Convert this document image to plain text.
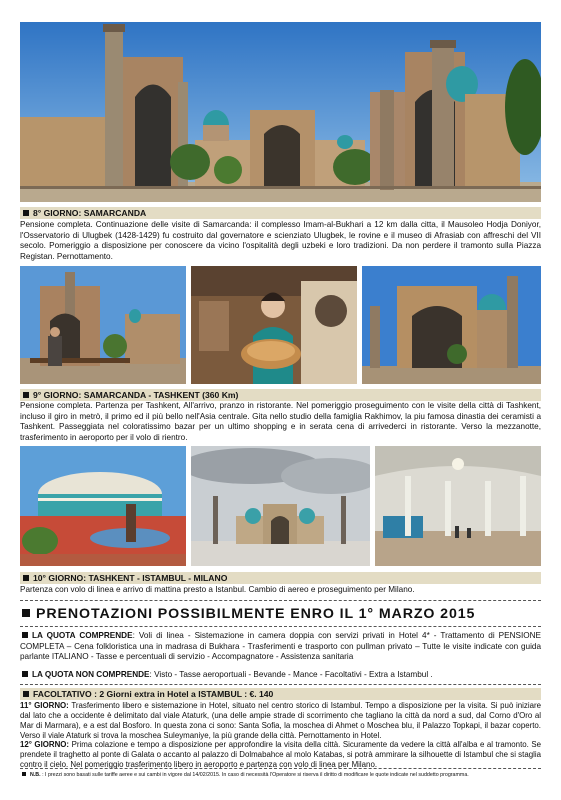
8° GIORNO: SAMARCANDA
Pensione completa. Continuazione delle visite di Samarcanda: il complesso Imam-al-Bukhari a 12 km dalla citta, il Mausoleo Hodja Doniyor, l'Osservatorio di Ulugbek (1428-1429) fu costruito dal governatore e scienziato Ulugbek, le rovine e il museo di Afrasiab con affreschi del VII secolo. Pomeriggio a disposizione per conoscere da vicino l'ospitalità degli uzbeki e loro tradizioni. Da non perdere il tramonto sulla Piazza Registan. Pernottamento.
9° GIORNO: SAMARCANDA - TASHKENT (360 Km)
Pensione completa. Partenza per Tashkent, All'arrivo, pranzo in ristorante. Nel pomeriggio proseguimento con le visite della città di Tashkent, incluso il giro in metrò, il primo ed il più bello nell'Asia centrale. Gita nello studio della famiglia Rakhimov, la piu famosa dinastia dei ceramisti a Tashkent. Passeggiata nel coloratissimo bazar per un ultimo shopping e in serata cena di arrivederci in ristorante. Verso la mezzanotte, trasferimento in aeroporto per il volo di rientro.
10° GIORNO: TASHKENT - ISTAMBUL - MILANO
Partenza con volo di linea e arrivo di mattina presto a Istanbul. Cambio di aereo e proseguimento per Milano.
PRENOTAZIONI POSSIBILMENTE ENRO IL 1° MARZO 2015
LA QUOTA COMPRENDE: Voli di linea - Sistemazione in camera doppia con servizi privati in Hotel 4* - Trattamento di PENSIONE COMPLETA – Cena folkloristica una in madrasa di Bukhara - Trasferimenti e trasporto con pullman privato – Tutte le visite indicate con guida parlante ITALIANO - Tasse e percentuali di servizio - Accompagnatore - Assistenza sanitaria
LA QUOTA NON COMPRENDE: Visto - Tasse aeroportuali - Bevande - Mance - Facoltativi - Extra a Istambul .
FACOLTATIVO : 2 Giorni extra in Hotel a ISTAMBUL : €. 140
11° GIORNO: Trasferimento libero e sistemazione in Hotel, situato nel centro storico di Istambul. Tempo a disposizione per la visita. Si può iniziare dal lato che a occidente è delimitato dal viale Ataturk, (una delle ampie strade di scorrimento che tagliano la città da nord a sud, dal Corno d'Oro al Mar di Marmara), e a est dal Bosforo. In questa zona ci sono: Santa Sofia, la moschea di Ahmet o Moschea blu, il Palazzo Topkapi, il bazar coperto. Verso il viale Ataturk si trova la moschea Suleymaniye, la più grande della città. Pernottamento in Hotel.
12° GIORNO: Prima colazione e tempo a disposizione per approfondire la visita della città. Sicuramente da vedere la città all'alba e al tramonto. Se prendete il traghetto al ponte di Galata o accanto al palazzo di Dolmabahce al molo Katabas, si potrà ammirare la silhouette di Istambul che si staglia contro il cielo. Nel pomeriggio trasferimento libero in aeroporto e partenza con volo di linea per Milano.
N.B. : I prezzi sono basati sulle tariffe aeree e sui cambi in vigore dal 14/02/2015. In caso di necessità l'Operatore si riserva il diritto di modificare le quote indicate nel suddetto programma.
